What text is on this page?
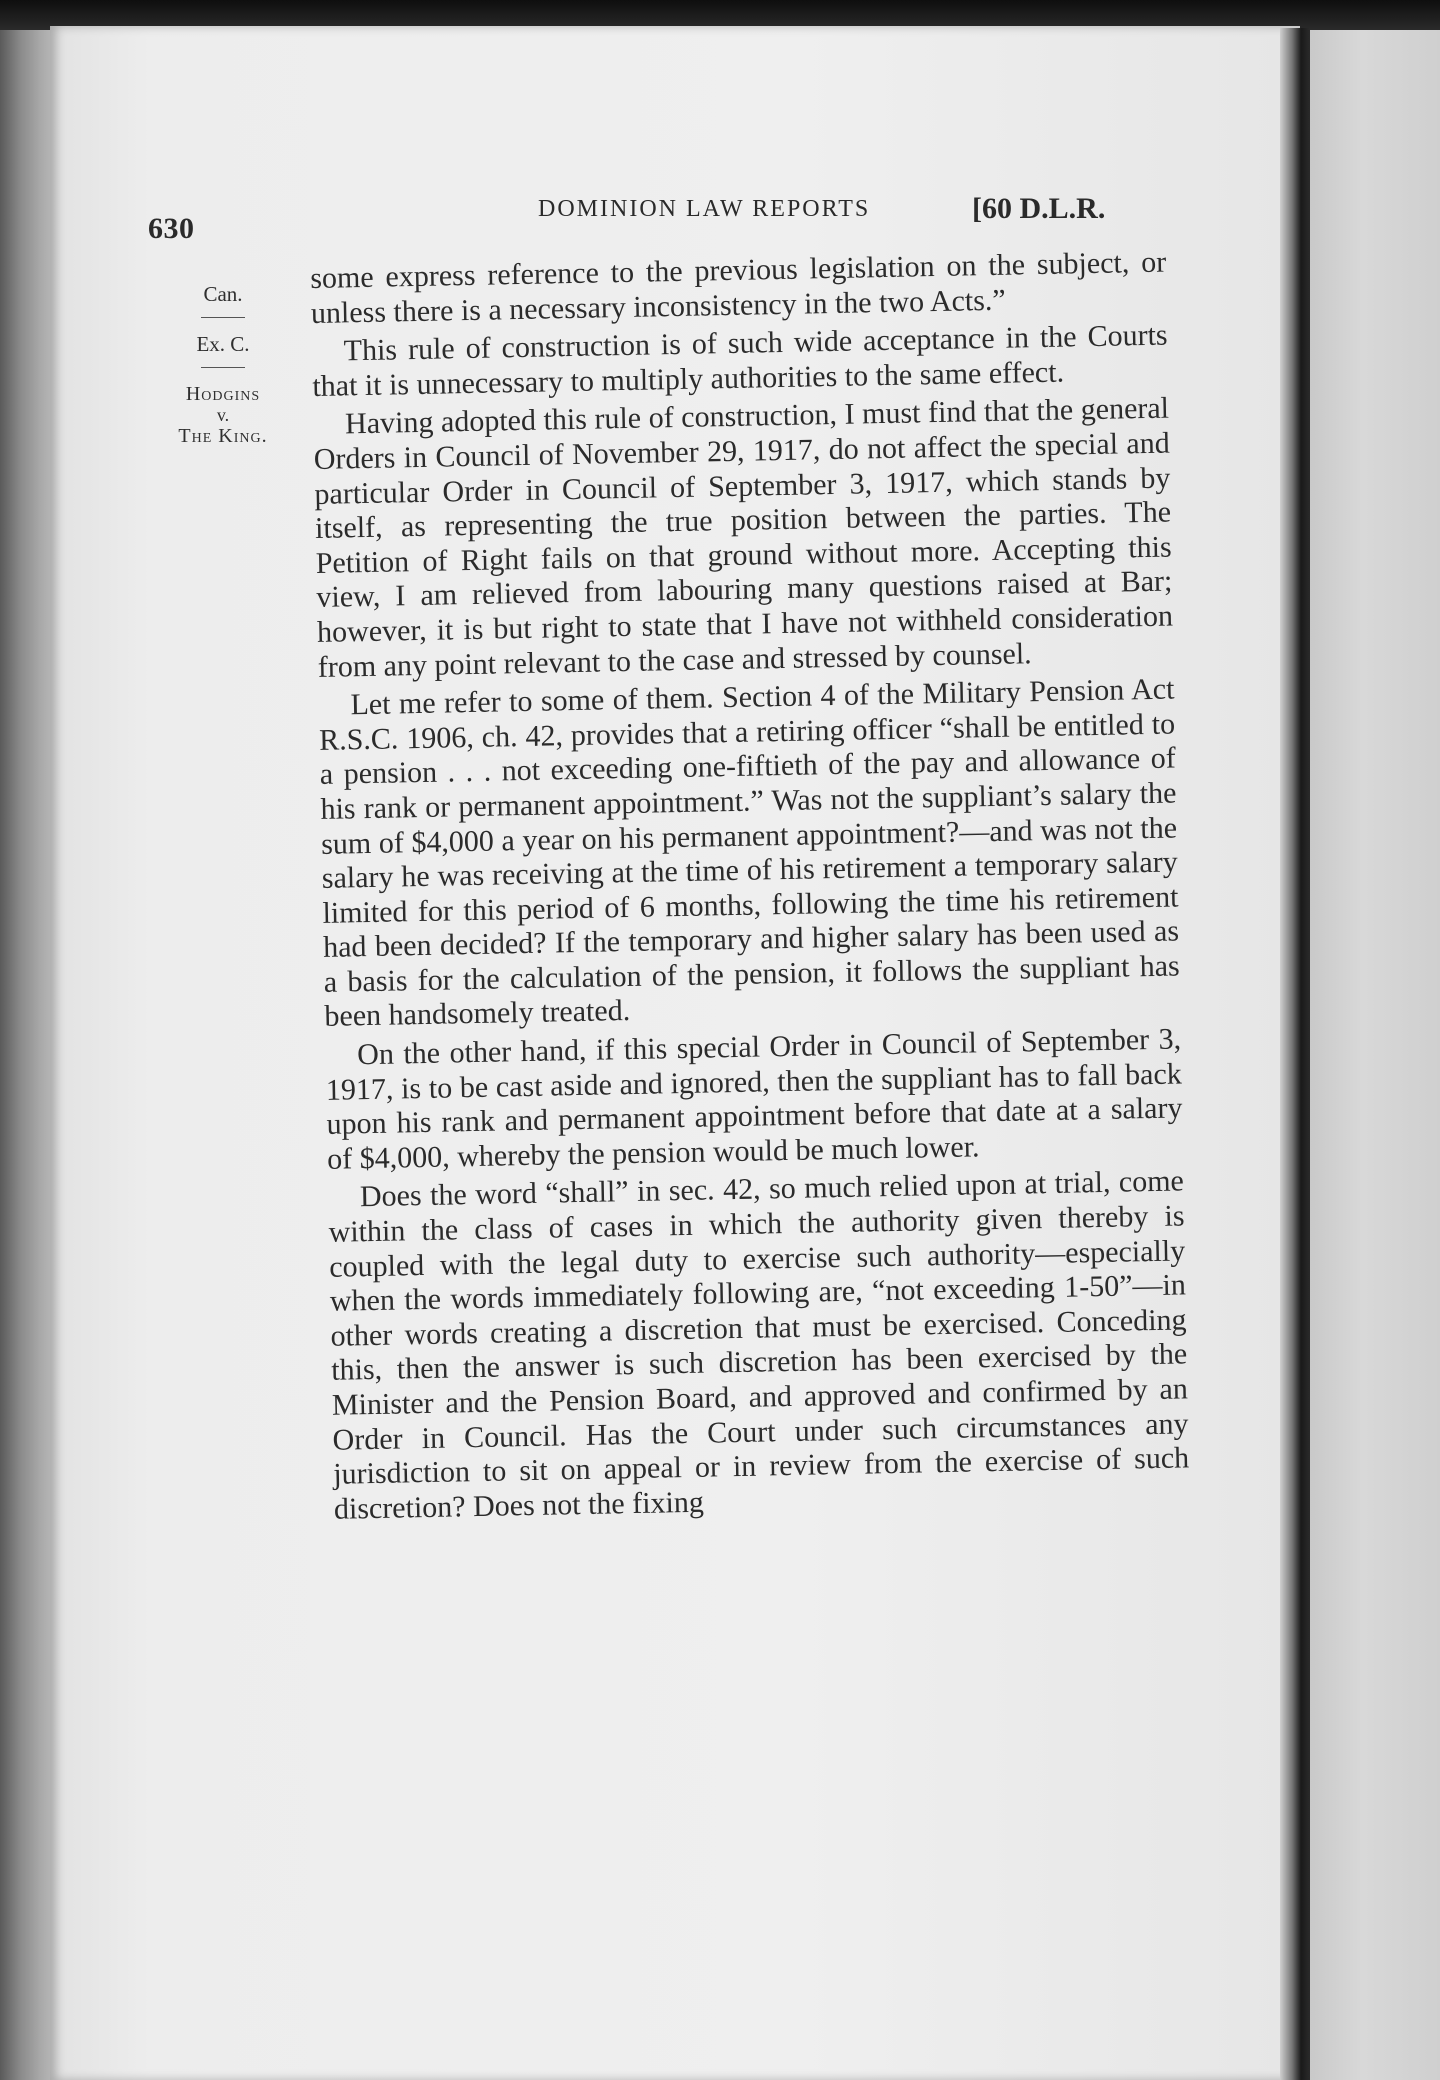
630
DOMINION LAW REPORTS	[60 D.L.R.
Can.
Ex. C.
Hodgins
v.
The King.

some express reference to the previous legislation on the subject, or unless there is a necessary inconsistency in the two Acts.”

This rule of construction is of such wide acceptance in the Courts that it is unnecessary to multiply authorities to the same effect.

Having adopted this rule of construction, I must find that the general Orders in Council of November 29, 1917, do not affect the special and particular Order in Council of September 3, 1917, which stands by itself, as representing the true position between the parties. The Petition of Right fails on that ground without more. Accepting this view, I am relieved from labouring many questions raised at Bar; however, it is but right to state that I have not withheld consideration from any point relevant to the case and stressed by counsel.

Let me refer to some of them. Section 4 of the Military Pension Act R.S.C. 1906, ch. 42, provides that a retiring officer “shall be entitled to a pension . . . not exceeding one-fiftieth of the pay and allowance of his rank or permanent appointment.” Was not the suppliant’s salary the sum of $4,000 a year on his permanent appointment?—and was not the salary he was receiving at the time of his retirement a temporary salary limited for this period of 6 months, following the time his retirement had been decided? If the temporary and higher salary has been used as a basis for the calculation of the pension, it follows the suppliant has been handsomely treated.

On the other hand, if this special Order in Council of September 3, 1917, is to be cast aside and ignored, then the suppliant has to fall back upon his rank and permanent appointment before that date at a salary of $4,000, whereby the pension would be much lower.

Does the word “shall” in sec. 42, so much relied upon at trial, come within the class of cases in which the authority given thereby is coupled with the legal duty to exercise such authority—especially when the words immediately following are, “not exceeding 1-50”—in other words creating a discretion that must be exercised. Conceding this, then the answer is such discretion has been exercised by the Minister and the Pension Board, and approved and confirmed by an Order in Council. Has the Court under such circumstances any jurisdiction to sit on appeal or in review from the exercise of such discretion? Does not the fixing
